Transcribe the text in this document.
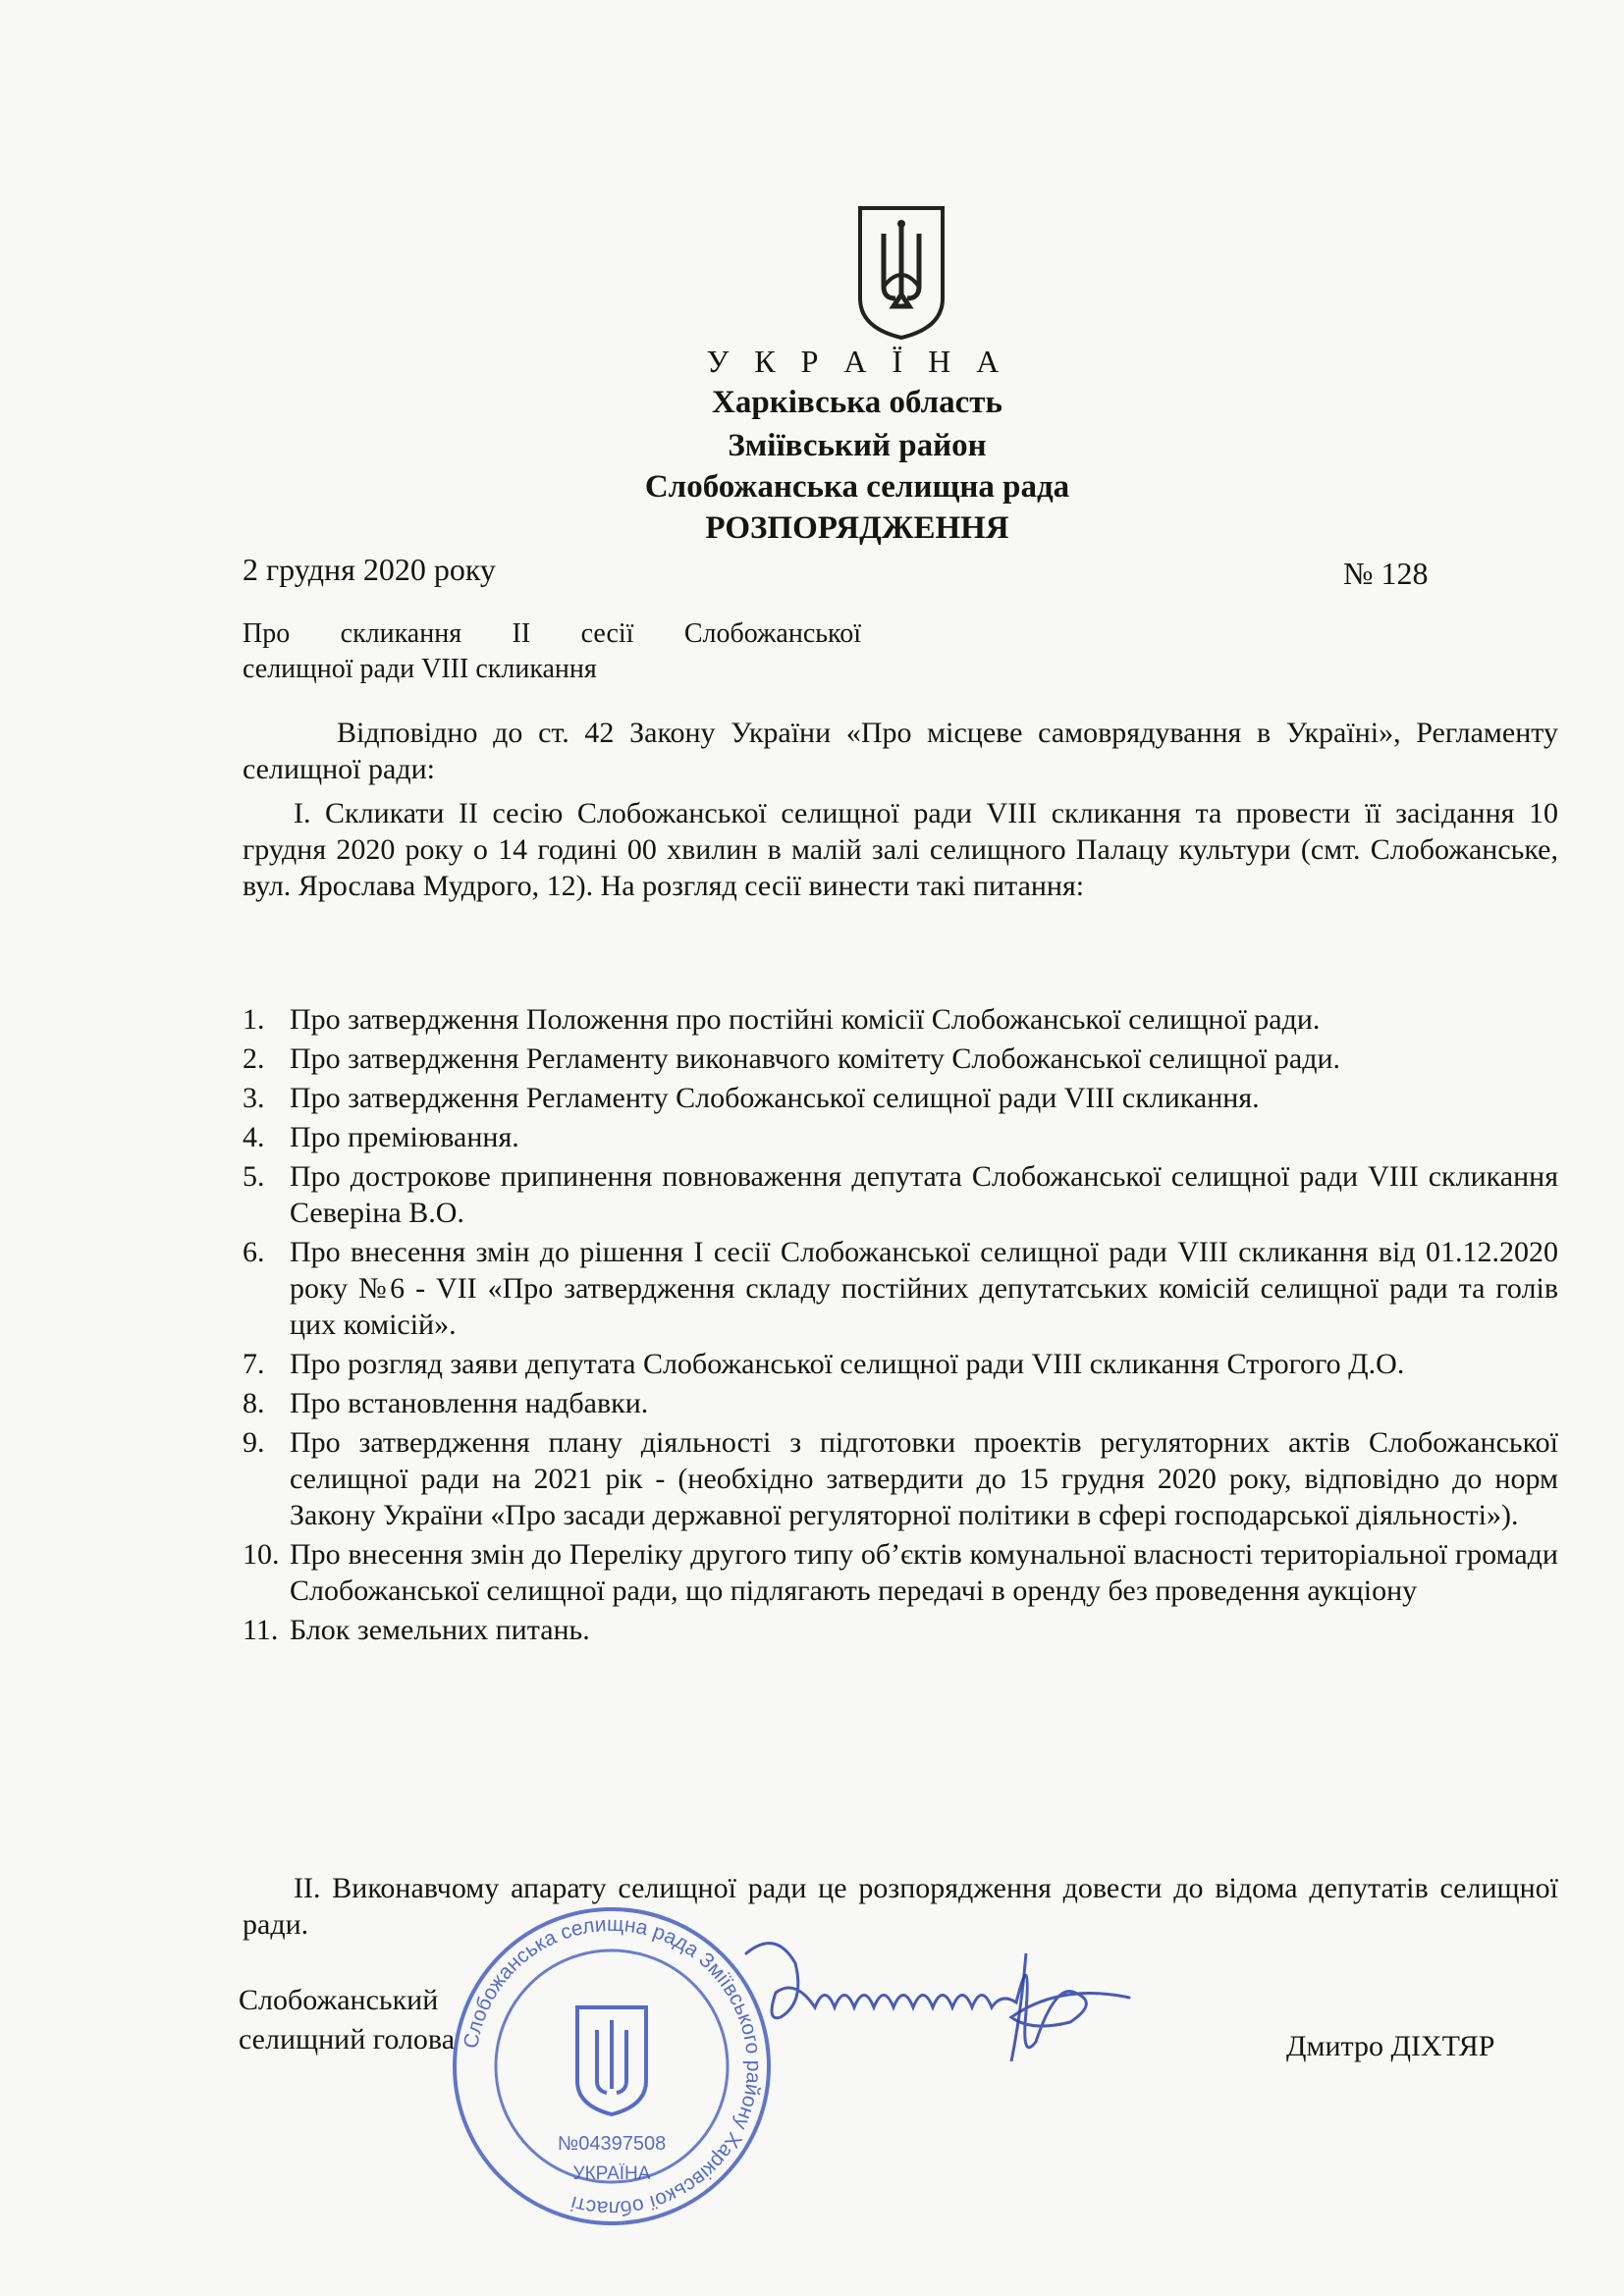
У К Р А Ї Н А
Харківська область
Зміївський район
Слобожанська селищна рада
РОЗПОРЯДЖЕННЯ
2 грудня 2020 року	№ 128
Про скликання ІІ сесії Слобожанської
селищної ради VIII скликання
Відповідно до ст. 42 Закону України «Про місцеве самоврядування в Україні», Регламенту селищної ради:
І. Скликати ІІ сесію Слобожанської селищної ради VIII скликання та провести її засідання 10 грудня 2020 року о 14 годині 00 хвилин в малій залі селищного Палацу культури (смт. Слобожанське, вул. Ярослава Мудрого, 12). На розгляд сесії винести такі питання:
1. Про затвердження Положення про постійні комісії Слобожанської селищної ради.
2. Про затвердження Регламенту виконавчого комітету Слобожанської селищної ради.
3. Про затвердження Регламенту Слобожанської селищної ради VIII скликання.
4. Про преміювання.
5. Про дострокове припинення повноваження депутата Слобожанської селищної ради VIII скликання Северіна В.О.
6. Про внесення змін до рішення І сесії Слобожанської селищної ради VIII скликання від 01.12.2020 року №6 - VII «Про затвердження складу постійних депутатських комісій селищної ради та голів цих комісій».
7. Про розгляд заяви депутата Слобожанської селищної ради VIII скликання Строгого Д.О.
8. Про встановлення надбавки.
9. Про затвердження плану діяльності з підготовки проектів регуляторних актів Слобожанської селищної ради на 2021 рік - (необхідно затвердити до 15 грудня 2020 року, відповідно до норм Закону України «Про засади державної регуляторної політики в сфері господарської діяльності»).
10. Про внесення змін до Переліку другого типу об’єктів комунальної власності територіальної громади Слобожанської селищної ради, що підлягають передачі в оренду без проведення аукціону
11. Блок земельних питань.
ІІ. Виконавчому апарату селищної ради це розпорядження довести до відома депутатів селищної ради.
Слобожанський
селищний голова	Дмитро ДІХТЯР
Слобожанська селищна рада Зміївського району Харківської області
№04397508
УКРАЇНА
